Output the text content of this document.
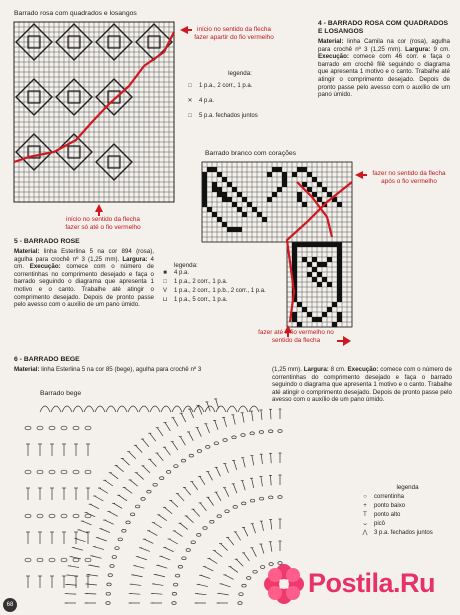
Barrado rosa com quadrados e losangos
início no sentido da flecha fazer apartir do fio vermelho
início no sentido da flecha fazer só até o fio vermelho
legenda:
□	1 p.a., 2 corr., 1 p.a.
✕	4 p.a.
□	5 p.a. fechados juntos
4 - BARRADO ROSA COM QUADRADOS E LOSANGOS
Material: linha Camila na cor (rosa), agulha para crochê nº 3 (1,25 mm). Largura: 9 cm. Execução: comece com 46 corr. e faça o barrado em crochê filê seguindo o diagrama que apresenta 1 motivo e o canto. Trabalhe até atingir o comprimento desejado. Depois de pronto passe pelo avesso com o auxílio de um pano úmido.
Barrado branco com corações
fazer no sentido da flecha após o fio vermelho
fazer até o fio vermelho no sentido da flecha
legenda:
■	4 p.a.
□	1 p.a., 2 corr., 1 p.a.
V	1 p.a., 2 corr., 1 p.b., 2 corr., 1 p.a.
⊔	1 p.a., 5 corr., 1 p.a.
5 - BARRADO ROSE
Material: linha Esterlina 5 na cor 894 (rosa), agulha para crochê nº 3 (1,25 mm). Largura: 4 cm. Execução: comece com o número de correntinhas no comprimento desejado e faça o barrado seguindo o diagrama que apresenta 1 motivo e o canto. Trabalhe até atingir o comprimento desejado. Depois de pronto passe pelo avesso com o auxílio de um pano úmido.
6 - BARRADO BEGE
Material: linha Esterlina 5 na cor 85 (bege), agulha para crochê nº 3	(1,25 mm). Largura: 8 cm. Execução: comece com o número de correntinhas do comprimento desejado e faça o barrado seguindo o diagrama que apresenta 1 motivo e o canto. Trabalhe até atingir o comprimento desejado. Depois de pronto passe pelo avesso com o auxílio de um pano úmido.
Barrado bege
legenda
○	correntinha
+	ponto baixo
T	ponto alto
ᴗ	picô
⋀	3 p.a. fechados juntos
Postila.Ru
68
